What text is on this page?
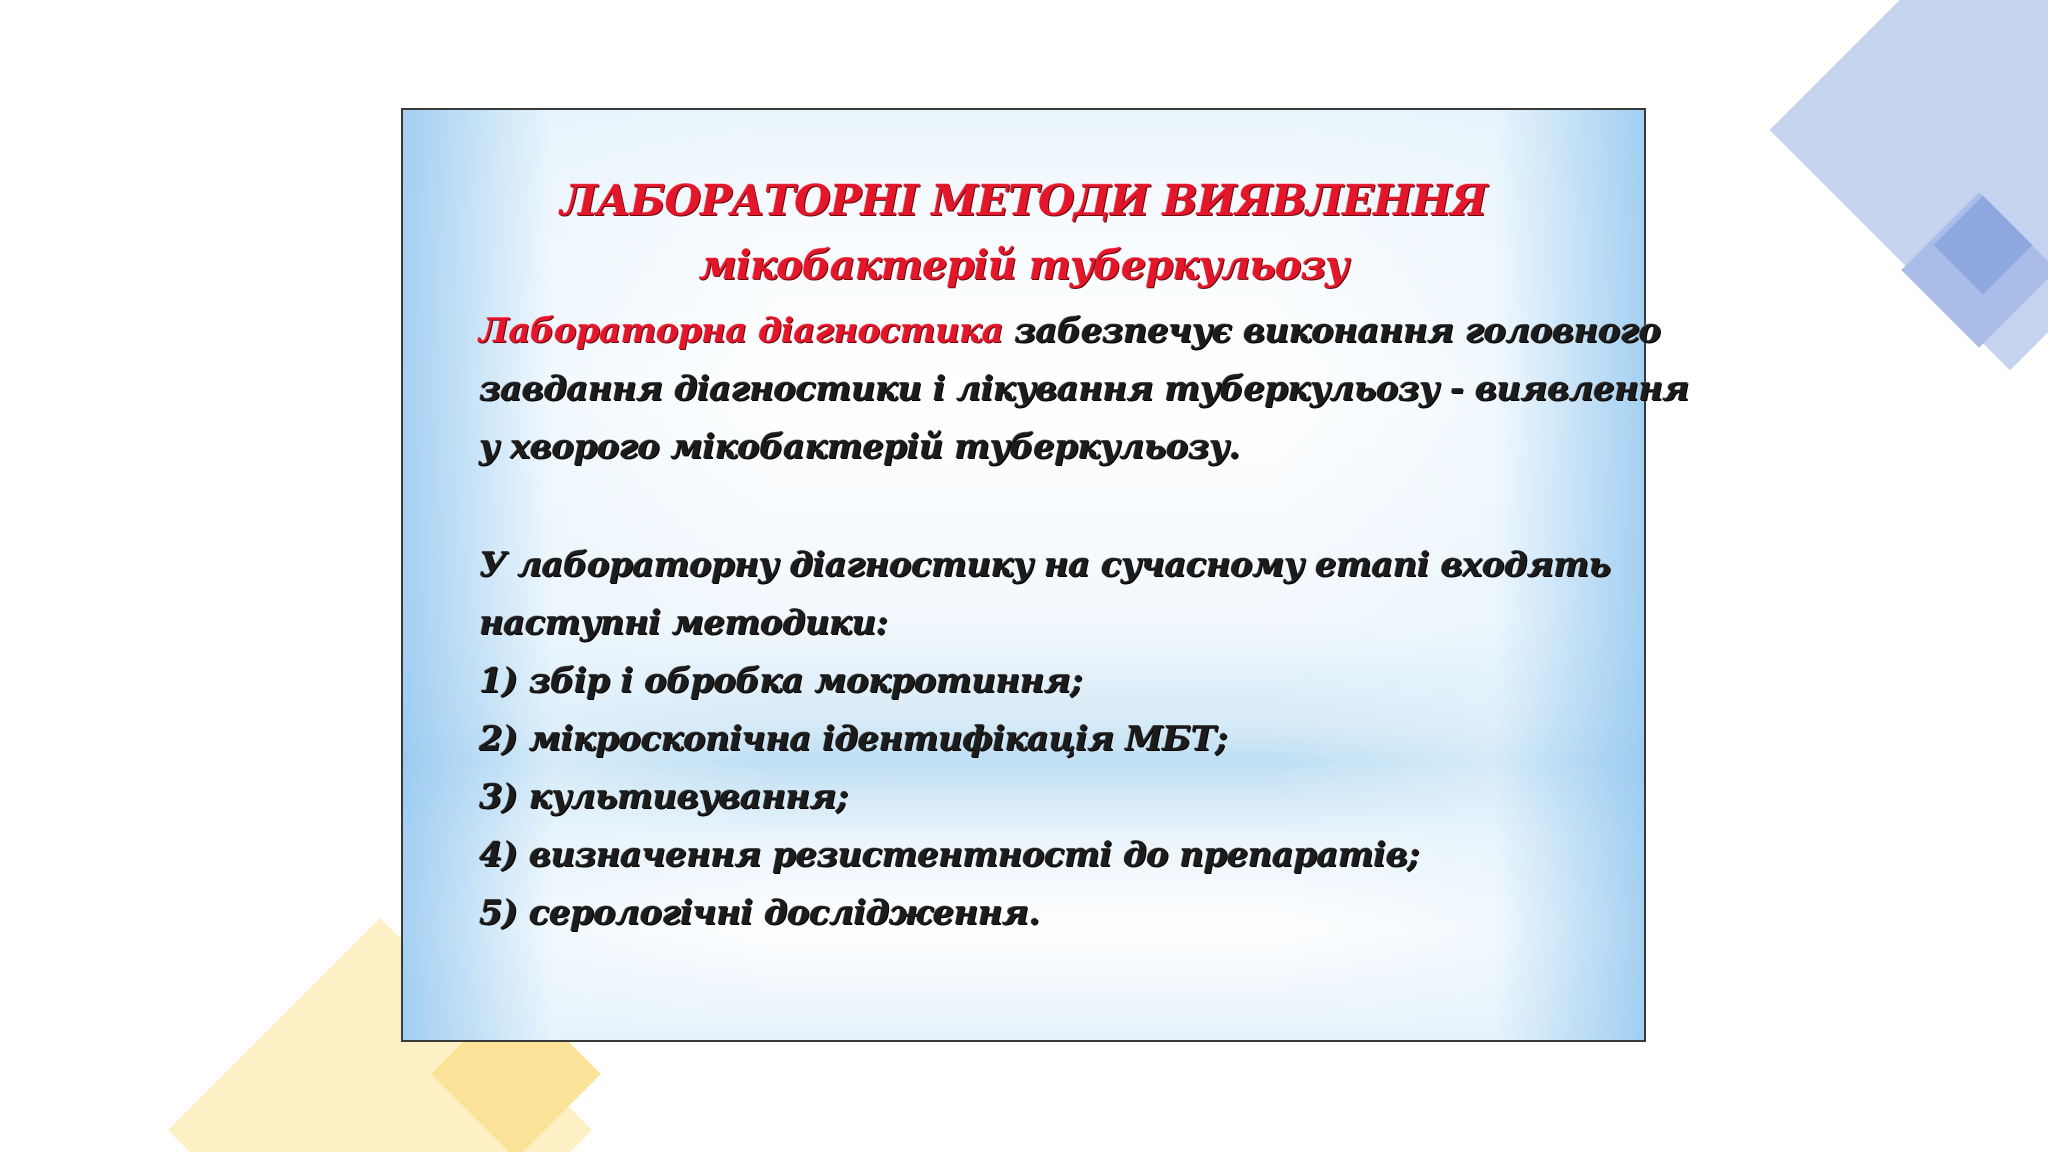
ЛАБОРАТОРНІ МЕТОДИ ВИЯВЛЕННЯ
мікобактерій туберкульозу
Лабораторна діагностика забезпечує виконання головного
завдання діагностики і лікування туберкульозу - виявлення
у хворого мікобактерій туберкульозу.
У лабораторну діагностику на сучасному етапі входять
наступні методики:
1) збір і обробка мокротиння;
2) мікроскопічна ідентифікація МБТ;
3) культивування;
4) визначення резистентності до препаратів;
5) серологічні дослідження.
